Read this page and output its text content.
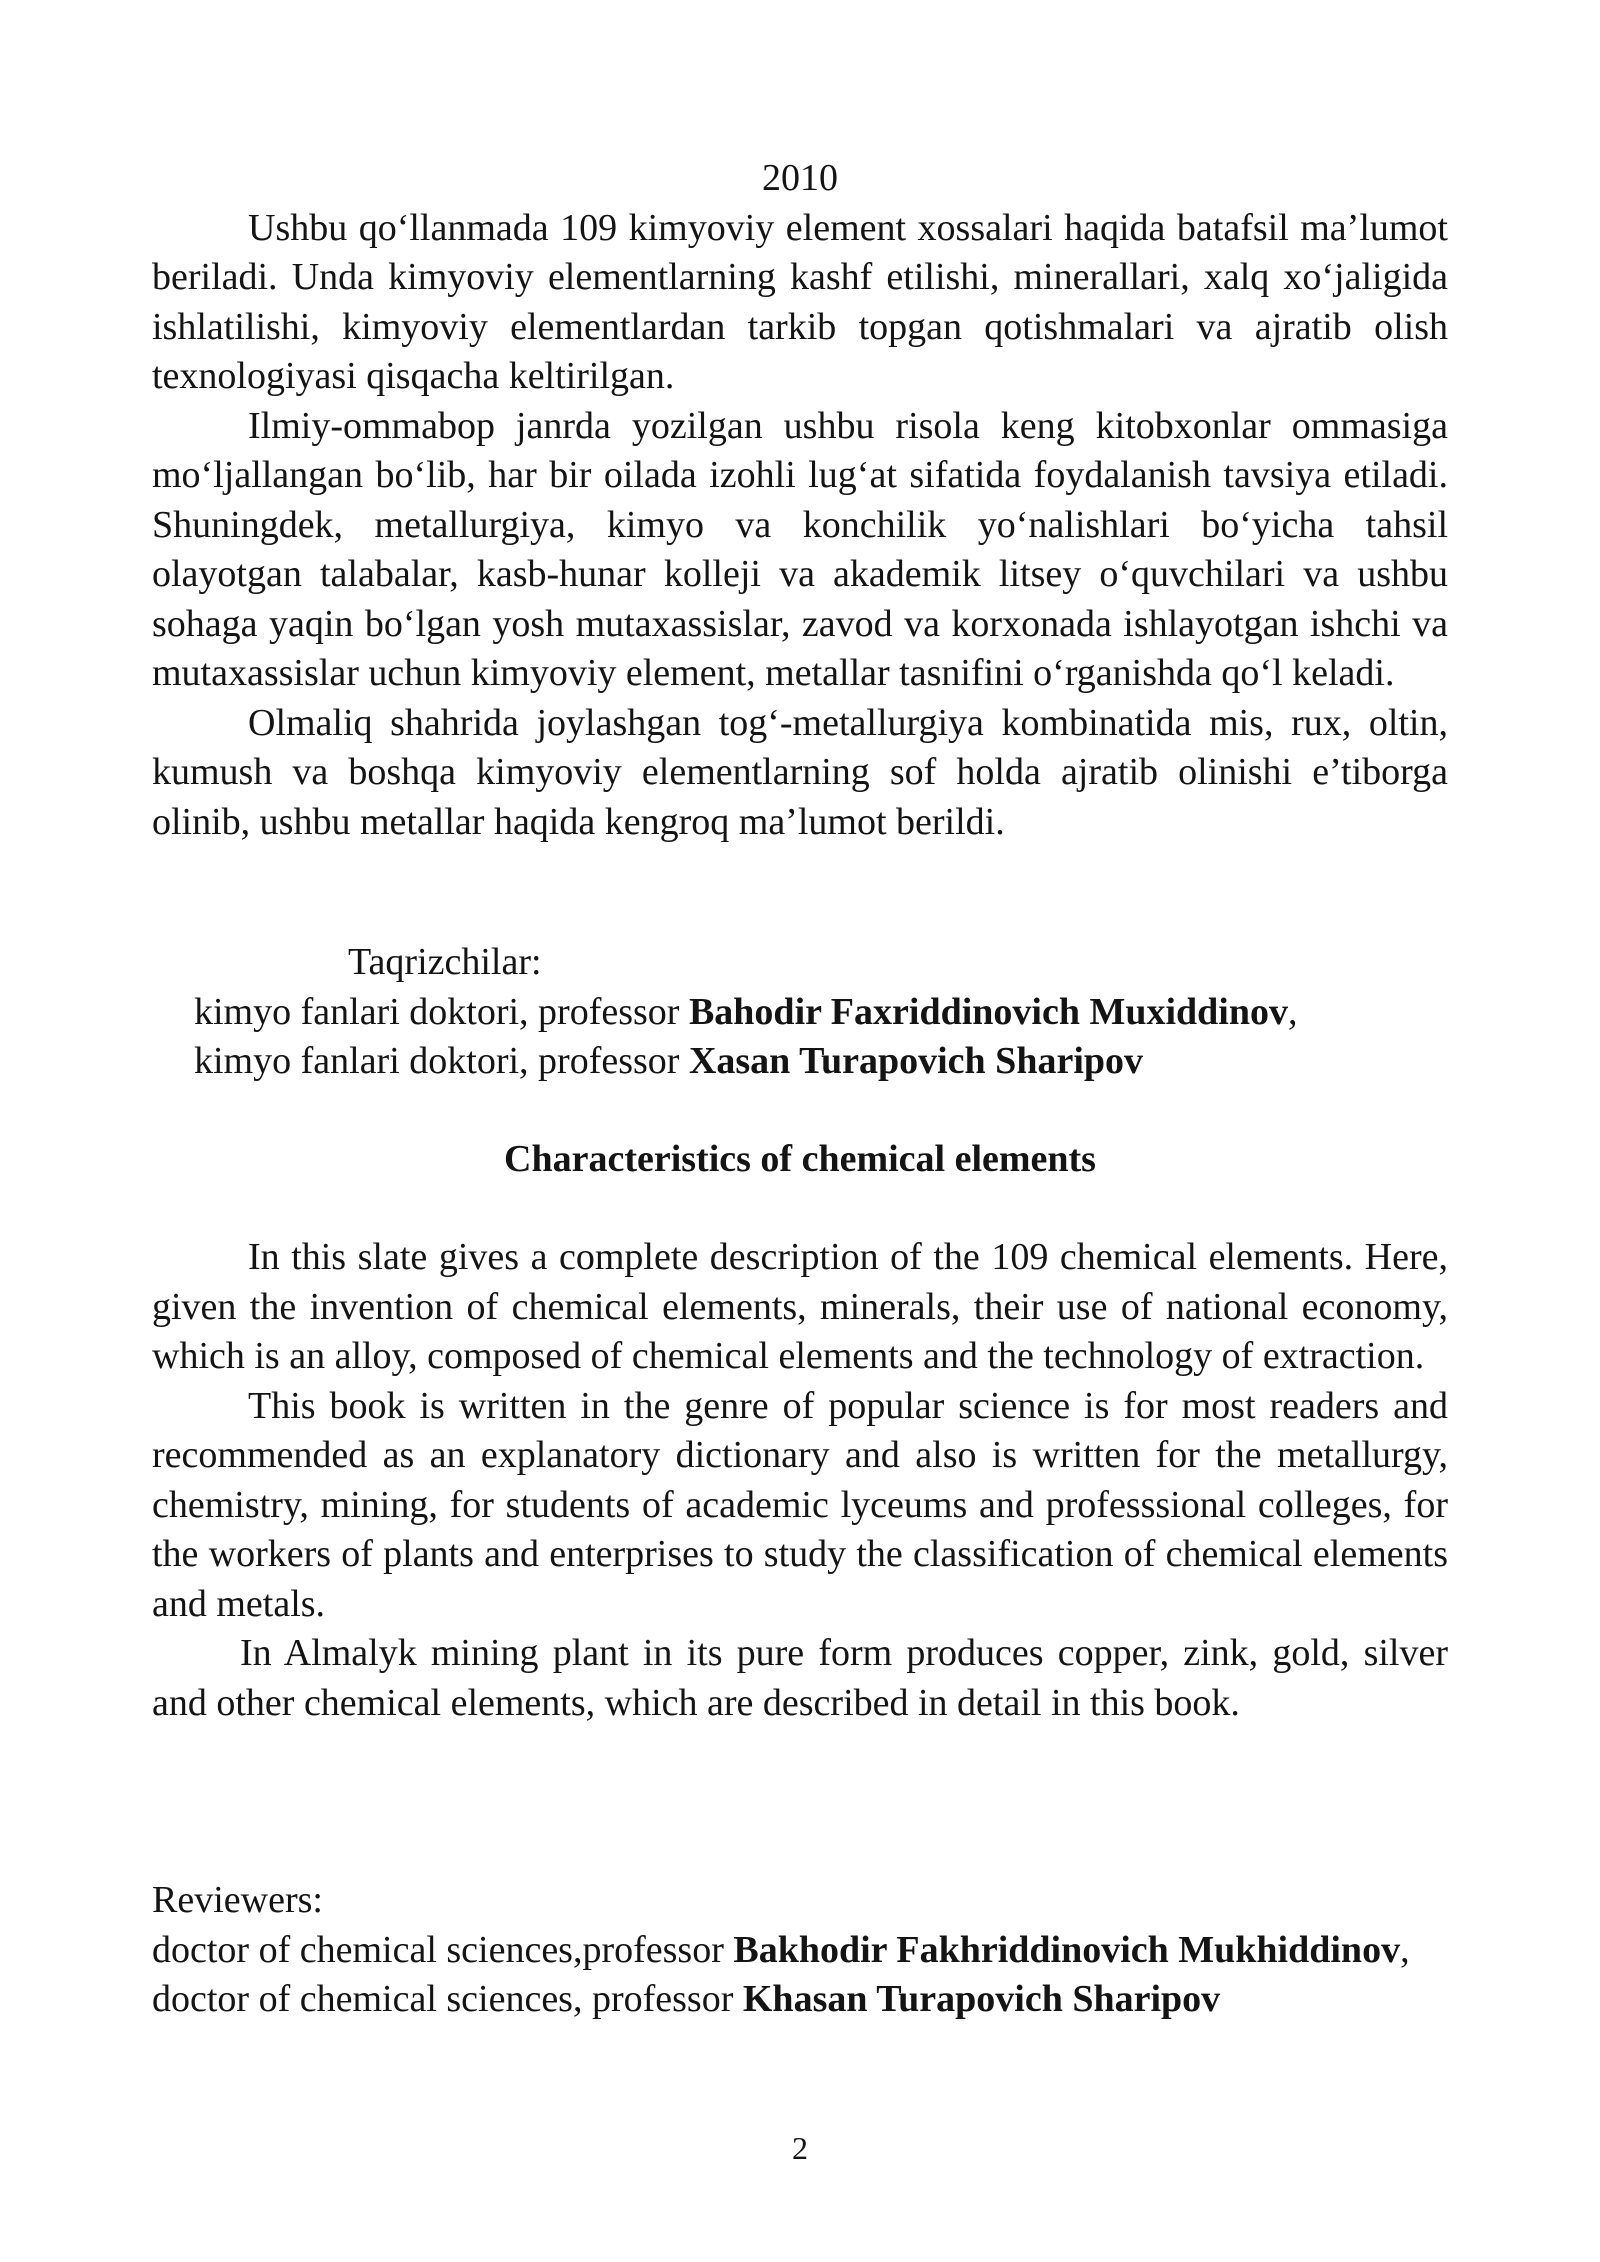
2010

Ushbu qo‘llanmada 109 kimyoviy element xossalari haqida batafsil ma’lumot beriladi. Unda kimyoviy elementlarning kashf etilishi, minerallari, xalq xo‘jaligida ishlatilishi, kimyoviy elementlardan tarkib topgan qotishmalari va ajratib olish texnologiyasi qisqacha keltirilgan.

Ilmiy-ommabop janrda yozilgan ushbu risola keng kitobxonlar ommasiga mo‘ljallangan bo‘lib, har bir oilada izohli lug‘at sifatida foydalanish tavsiya etiladi. Shuningdek, metallurgiya, kimyo va konchilik yo‘nalishlari bo‘yicha tahsil olayotgan talabalar, kasb-hunar kolleji va akademik litsey o‘quvchilari va ushbu sohaga yaqin bo‘lgan yosh mutaxassislar, zavod va korxonada ishlayotgan ishchi va mutaxassislar uchun kimyoviy element, metallar tasnifini o‘rganishda qo‘l keladi.

Olmaliq shahrida joylashgan tog‘-metallurgiya kombinatida mis, rux, oltin, kumush va boshqa kimyoviy elementlarning sof holda ajratib olinishi e’tiborga olinib, ushbu metallar haqida kengroq ma’lumot berildi.

Taqrizchilar:

kimyo fanlari doktori, professor Bahodir Faxriddinovich Muxiddinov,

kimyo fanlari doktori, professor Xasan Turapovich Sharipov

Characteristics of chemical elements

In this slate gives a complete description of the 109 chemical elements. Here, given the invention of chemical elements, minerals, their use of national economy, which is an alloy, composed of chemical elements and the technology of extraction.

This book is written in the genre of popular science is for most readers and recommended as an explanatory dictionary and also is written for the metallurgy, chemistry, mining, for students of academic lyceums and professsional colleges, for the workers of plants and enterprises to study the classification of chemical elements and metals.

In Almalyk mining plant in its pure form produces copper, zink, gold, silver and other chemical elements, which are described in detail in this book.

Reviewers:

doctor of chemical sciences,professor Bakhodir Fakhriddinovich Mukhiddinov,

doctor of chemical sciences, professor Khasan Turapovich Sharipov

2
